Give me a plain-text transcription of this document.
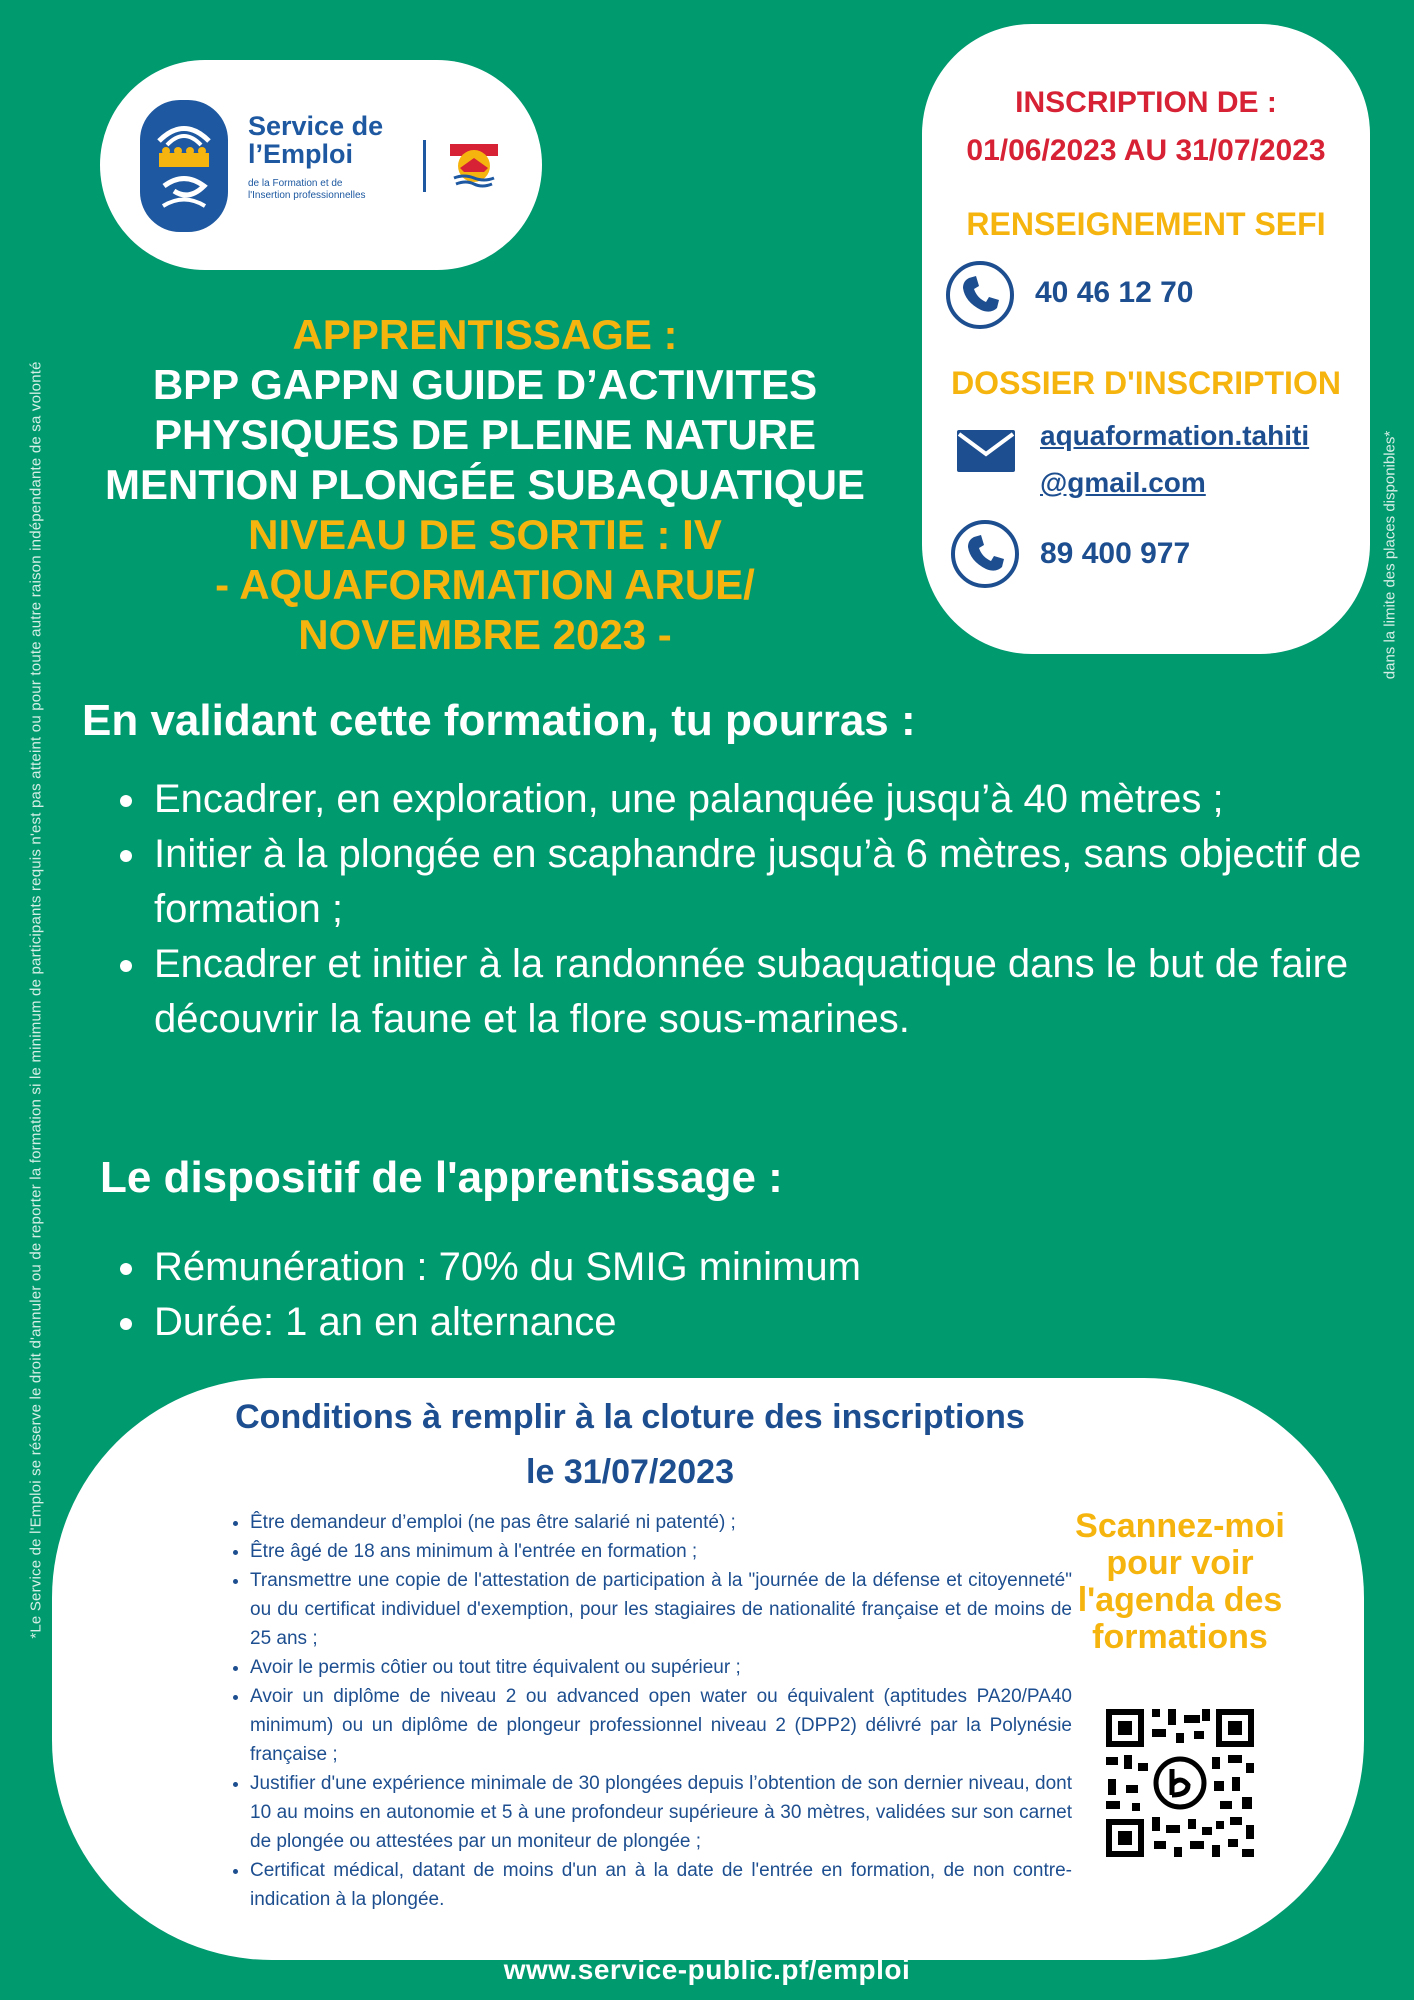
*Le Service de l'Emploi se réserve le droit d'annuler ou de reporter la formation si le minimum de participants requis n'est pas atteint ou pour toute autre raison indépendante de sa volonté	dans la limite des places disponibles*
Service de
l’Emploi
de la Formation et de
l'Insertion professionnelles
INSCRIPTION DE :
01/06/2023 AU 31/07/2023
RENSEIGNEMENT SEFI
40 46 12 70
DOSSIER D'INSCRIPTION
aquaformation.tahiti
@gmail.com
89 400 977
APPRENTISSAGE :
BPP GAPPN GUIDE D’ACTIVITES
PHYSIQUES DE PLEINE NATURE
MENTION PLONGÉE SUBAQUATIQUE
NIVEAU DE SORTIE : IV
- AQUAFORMATION ARUE/
NOVEMBRE 2023 -
En validant cette formation, tu pourras :
• Encadrer, en exploration, une palanquée jusqu’à 40 mètres ;
• Initier à la plongée en scaphandre jusqu’à 6 mètres, sans objectif de formation ;
• Encadrer et initier à la randonnée subaquatique dans le but de faire découvrir la faune et la flore sous-marines.
Le dispositif de l'apprentissage :
• Rémunération : 70% du SMIG minimum
• Durée: 1 an en alternance
Conditions à remplir à la cloture des inscriptions
le 31/07/2023
• Être demandeur d’emploi (ne pas être salarié ni patenté) ;
• Être âgé de 18 ans minimum à l'entrée en formation ;
• Transmettre une copie de l'attestation de participation à la "journée de la défense et citoyenneté" ou du certificat individuel d'exemption, pour les stagiaires de nationalité française et de moins de 25 ans ;
• Avoir le permis côtier ou tout titre équivalent ou supérieur ;
• Avoir un diplôme de niveau 2 ou advanced open water ou équivalent (aptitudes PA20/PA40 minimum) ou un diplôme de plongeur professionnel niveau 2 (DPP2) délivré par la Polynésie française ;
• Justifier d'une expérience minimale de 30 plongées depuis l’obtention de son dernier niveau, dont 10 au moins en autonomie et 5 à une profondeur supérieure à 30 mètres, validées sur son carnet de plongée ou attestées par un moniteur de plongée ;
• Certificat médical, datant de moins d'un an à la date de l'entrée en formation, de non contre-indication à la plongée.
Scannez-moi
pour voir
l'agenda des
formations
www.service-public.pf/emploi
